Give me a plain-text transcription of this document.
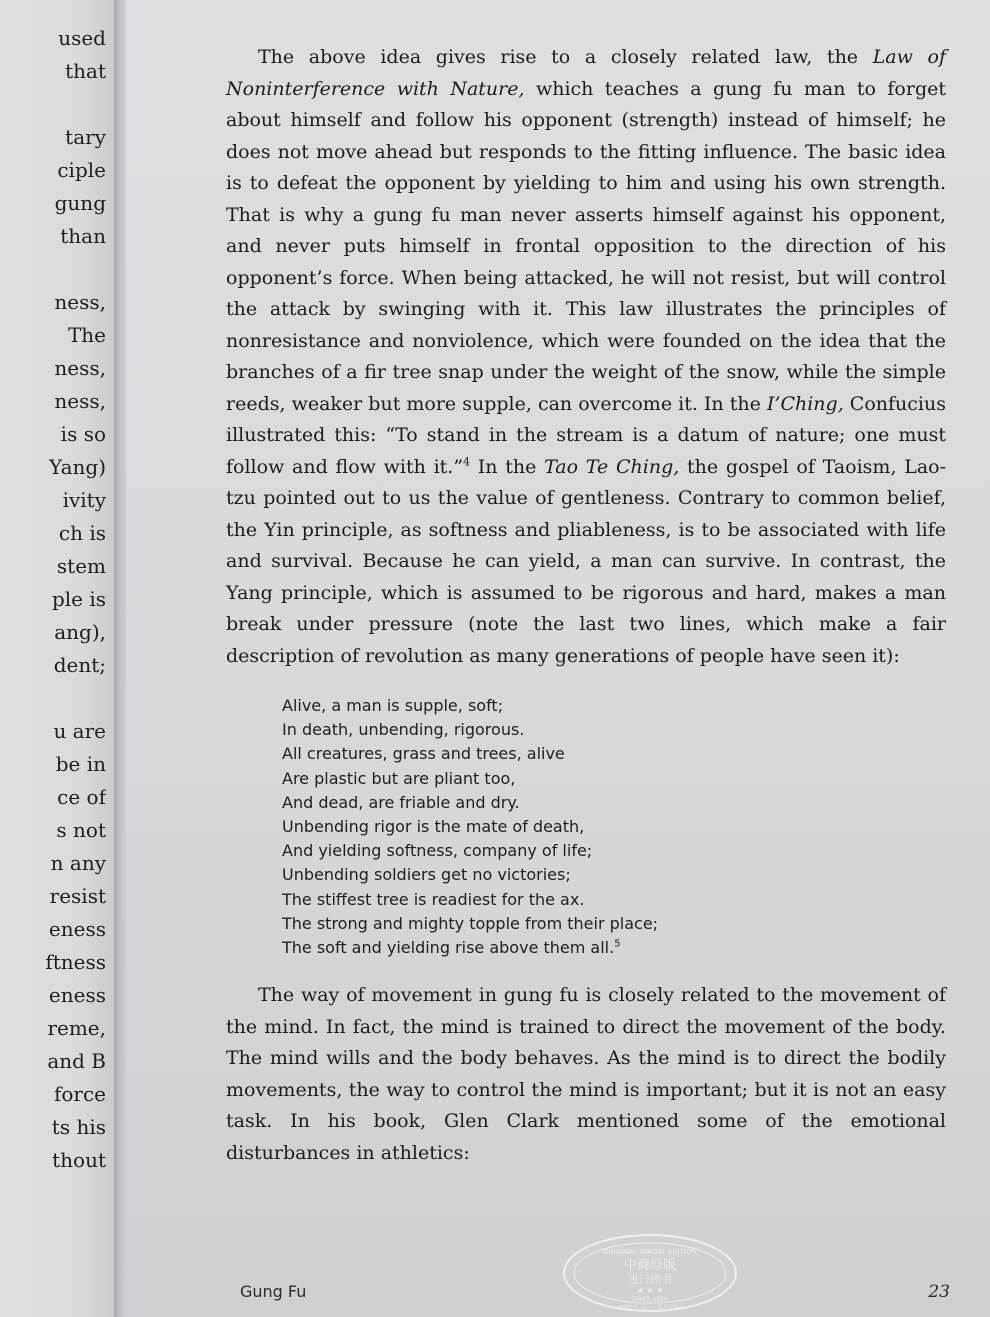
used
that

tary
ciple
gung
than

ness,
The
ness,
ness,
is so
Yang)
ivity
ch is
stem
ple is
ang),
dent;

u are
be in
ce of
s not
n any
resist
eness
ftness
eness
reme,
and B
force
ts his
thout

The above idea gives rise to a closely related law, the Law of Noninterference with Nature, which teaches a gung fu man to forget about himself and follow his opponent (strength) instead of himself; he does not move ahead but responds to the fitting influence. The basic idea is to defeat the opponent by yielding to him and using his own strength. That is why a gung fu man never asserts himself against his opponent, and never puts himself in frontal opposition to the direction of his opponent’s force. When being attacked, he will not resist, but will control the attack by swinging with it. This law illustrates the principles of nonresistance and nonviolence, which were founded on the idea that the branches of a fir tree snap under the weight of the snow, while the simple reeds, weaker but more supple, can overcome it. In the I’Ching, Confucius illustrated this: “To stand in the stream is a datum of nature; one must follow and flow with it.”$^4$ In the Tao Te Ching, the gospel of Taoism, Lao-tzu pointed out to us the value of gentleness. Contrary to common belief, the Yin principle, as softness and pliableness, is to be associated with life and survival. Because he can yield, a man can survive. In contrast, the Yang principle, which is assumed to be rigorous and hard, makes a man break under pressure (note the last two lines, which make a fair description of revolution as many generations of people have seen it):

Alive, a man is supple, soft;
In death, unbending, rigorous.
All creatures, grass and trees, alive
Are plastic but are pliant too,
And dead, are friable and dry.
Unbending rigor is the mate of death,
And yielding softness, company of life;
Unbending soldiers get no victories;
The stiffest tree is readiest for the ax.
The strong and mighty topple from their place;
The soft and yielding rise above them all.$^5$

The way of movement in gung fu is closely related to the movement of the mind. In fact, the mind is trained to direct the movement of the body. The mind wills and the body behaves. As the mind is to direct the bodily movements, the way to control the mind is important; but it is not an easy task. In his book, Glen Clark mentioned some of the emotional disturbances in athletics:

Gung Fu	23
ORIGINAL IMPORT EDITION
中商原版
进口图书
★ ★ ★
SINCE 1954
中华商务（进口）图书专营店
